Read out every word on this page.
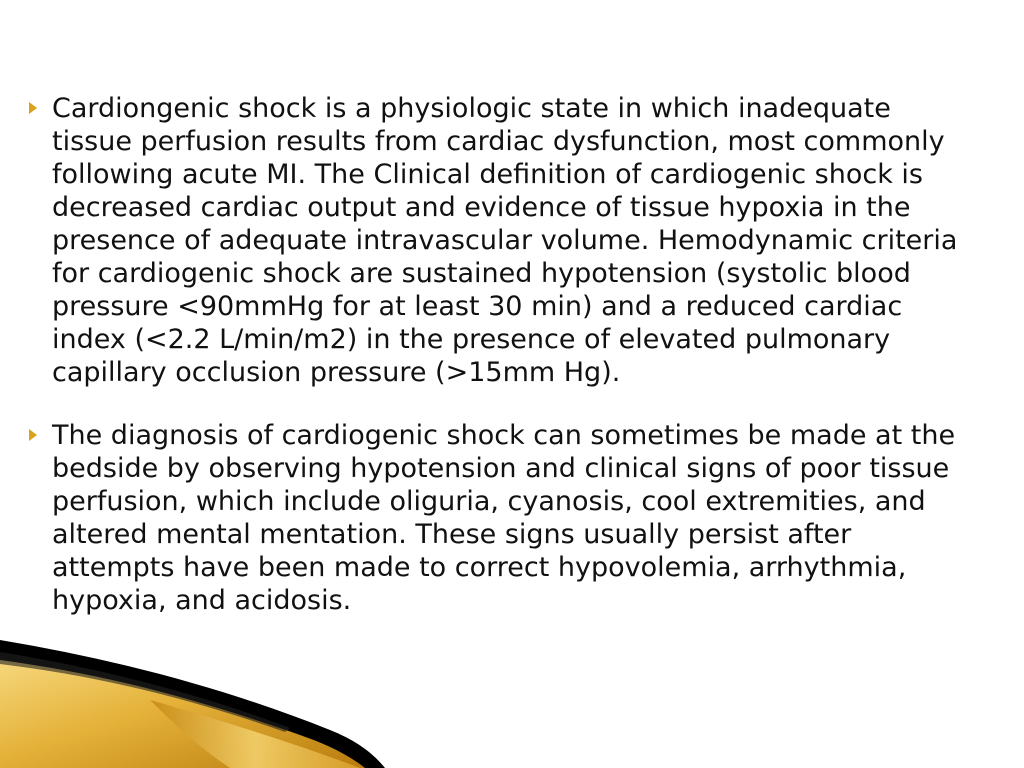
Cardiongenic shock is a physiologic state in which inadequate tissue perfusion results from cardiac dysfunction, most commonly following acute MI. The Clinical definition of cardiogenic shock is decreased cardiac output and evidence of tissue hypoxia in the presence of adequate intravascular volume. Hemodynamic criteria for cardiogenic shock are sustained hypotension (systolic blood pressure <90mmHg for at least 30 min) and a reduced cardiac index (<2.2 L/min/m2) in the presence of elevated pulmonary capillary occlusion pressure (>15mm Hg).

The diagnosis of cardiogenic shock can sometimes be made at the bedside by observing hypotension and clinical signs of poor tissue perfusion, which include oliguria, cyanosis, cool extremities, and altered mental mentation. These signs usually persist after attempts have been made to correct hypovolemia, arrhythmia, hypoxia, and acidosis.
